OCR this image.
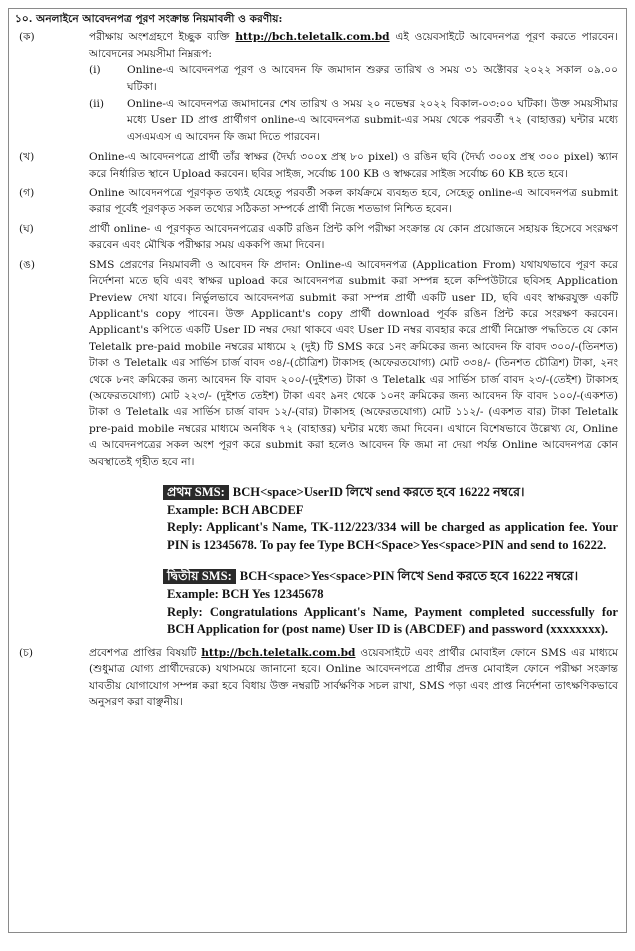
১০. অনলাইনে আবেদনপত্র পূরণ সংক্রান্ত নিয়মাবলী ও করণীয়:
(ক)	পরীক্ষায় অংশগ্রহণে ইচ্ছুক ব্যক্তি http://bch.teletalk.com.bd এই ওয়েবসাইটে আবেদনপত্র পূরণ করতে পারবেন। আবেদনের সময়সীমা নিম্নরূপ:
(i)	Online-এ আবেদনপত্র পূরণ ও আবেদন ফি জমাদান শুরুর তারিখ ও সময় ৩১ অক্টোবর ২০২২ সকাল ০৯.০০ ঘটিকা।
(ii)	Online-এ আবেদনপত্র জমাদানের শেষ তারিখ ও সময় ২০ নভেম্বর ২০২২ বিকাল-০৩:০০ ঘটিকা। উক্ত সময়সীমার মধ্যে User ID প্রাপ্ত প্রার্থীগণ online-এ আবেদনপত্র submit-এর সময় থেকে পরবর্তী ৭২ (বাহাত্তর) ঘন্টার মধ্যে এসএমএস এ আবেদন ফি জমা দিতে পারবেন।
(খ)	Online-এ আবেদনপত্রে প্রার্থী তাঁর স্বাক্ষর (দৈর্ঘ্য ৩০০x প্রস্থ ৮০ pixel) ও রঙিন ছবি (দৈর্ঘ্য ৩০০x প্রস্থ ৩০০ pixel) স্ক্যান করে নির্ধারিত স্থানে Upload করবেন। ছবির সাইজ, সর্বোচ্চ 100 KB ও স্বাক্ষরের সাইজ সর্বোচ্চ 60 KB হতে হবে।
(গ)	Online আবেদনপত্রে পূরণকৃত তথ্যই যেহেতু পরবর্তী সকল কার্যক্রমে ব্যবহৃত হবে, সেহেতু online-এ আবেদনপত্র submit করার পূর্বেই পূরণকৃত সকল তথ্যের সঠিকতা সম্পর্কে প্রার্থী নিজে শতভাগ নিশ্চিত হবেন।
(ঘ)	প্রার্থী online- এ পূরণকৃত আবেদনপত্রের একটি রঙিন প্রিন্ট কপি পরীক্ষা সংক্রান্ত যে কোন প্রয়োজনে সহায়ক হিসেবে সংরক্ষণ করবেন এবং মৌখিক পরীক্ষার সময় এককপি জমা দিবেন।
(ঙ)	SMS প্রেরণের নিয়মাবলী ও আবেদন ফি প্রদান: Online-এ আবেদনপত্র (Application From) যথাযথভাবে পূরণ করে নির্দেশনা মতে ছবি এবং স্বাক্ষর upload করে আবেদনপত্র submit করা সম্পন্ন হলে কম্পিউটারে ছবিসহ Application Preview দেখা যাবে। নির্ভুলভাবে আবেদনপত্র submit করা সম্পন্ন প্রার্থী একটি user ID, ছবি এবং স্বাক্ষরযুক্ত একটি Applicant's copy পাবেন। উক্ত Applicant's copy প্রার্থী download পূর্বক রঙিন প্রিন্ট করে সংরক্ষণ করবেন। Applicant's কপিতে একটি User ID নম্বর দেয়া থাকবে এবং User ID নম্বর ব্যবহার করে প্রার্থী নিম্নোক্ত পদ্ধতিতে যে কোন Teletalk pre-paid mobile নম্বরের মাধ্যমে ২ (দুই) টি SMS করে ১নং ক্রমিকের জন্য আবেদন ফি বাবদ ৩০০/-(তিনশত) টাকা ও Teletalk এর সার্ভিস চার্জ বাবদ ৩৪/-(চৌত্রিশ) টাকাসহ (অফেরতযোগ্য) মোট ৩৩৪/- (তিনশত চৌত্রিশ) টাকা, ২নং থেকে ৮নং ক্রমিকের জন্য আবেদন ফি বাবদ ২০০/-(দুইশত) টাকা ও Teletalk এর সার্ভিস চার্জ বাবদ ২৩/-(তেইশ) টাকাসহ (অফেরতযোগ্য) মোট ২২৩/- (দুইশত তেইশ) টাকা এবং ৯নং থেকে ১০নং ক্রমিকের জন্য আবেদন ফি বাবদ ১০০/-(একশত) টাকা ও Teletalk এর সার্ভিস চার্জ বাবদ ১২/-(বার) টাকাসহ (অফেরতযোগ্য) মোট ১১২/- (একশত বার) টাকা Teletalk pre-paid mobile নম্বরের মাধ্যমে অনধিক ৭২ (বাহাত্তর) ঘন্টার মধ্যে জমা দিবেন। এখানে বিশেষভাবে উল্লেখ্য যে, Online এ আবেদনপত্রের সকল অংশ পূরণ করে submit করা হলেও আবেদন ফি জমা না দেয়া পর্যন্ত Online আবেদনপত্র কোন অবস্থাতেই গৃহীত হবে না।
প্রথম SMS: BCH<space>UserID লিখে send করতে হবে 16222 নম্বরে।
Example: BCH ABCDEF
Reply: Applicant's Name, TK-112/223/334 will be charged as application fee. Your PIN is 12345678. To pay fee Type BCH<Space>Yes<space>PIN and send to 16222.
দ্বিতীয় SMS: BCH<space>Yes<space>PIN লিখে Send করতে হবে 16222 নম্বরে।
Example: BCH Yes 12345678
Reply: Congratulations Applicant's Name, Payment completed successfully for BCH Application for (post name) User ID is (ABCDEF) and password (xxxxxxxx).
(চ)	প্রবেশপত্র প্রাপ্তির বিষয়টি http://bch.teletalk.com.bd ওয়েবসাইটে এবং প্রার্থীর মোবাইল ফোনে SMS এর মাধ্যমে (শুধুমাত্র যোগ্য প্রার্থীদেরকে) যথাসময়ে জানানো হবে। Online আবেদনপত্রে প্রার্থীর প্রদত্ত মোবাইল ফোনে পরীক্ষা সংক্রান্ত যাবতীয় যোগাযোগ সম্পন্ন করা হবে বিধায় উক্ত নম্বরটি সার্বক্ষণিক সচল রাখা, SMS পড়া এবং প্রাপ্ত নির্দেশনা তাৎক্ষণিকভাবে অনুসরণ করা বাঞ্ছনীয়।
